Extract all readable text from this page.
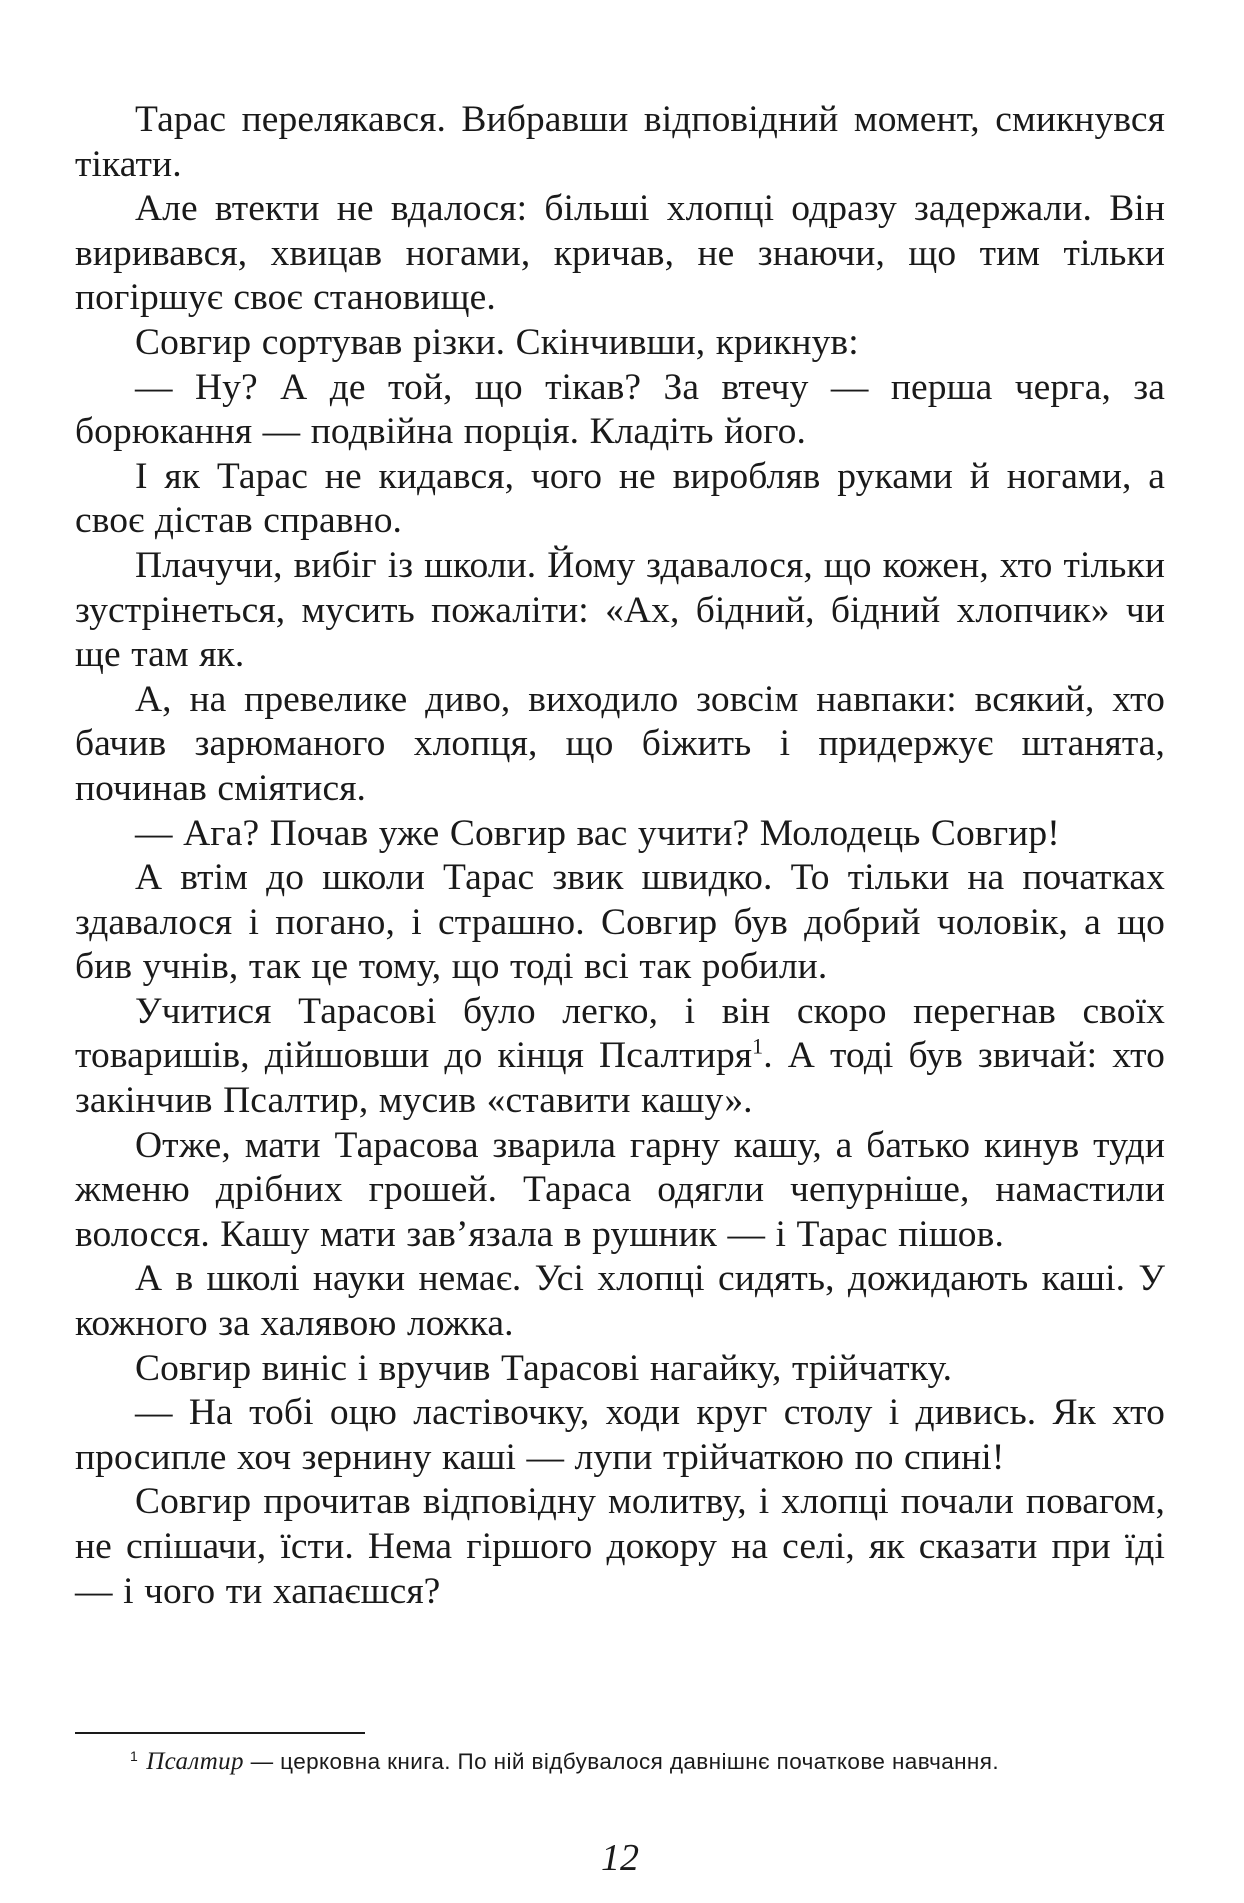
Тарас перелякався. Вибравши відповідний момент, смикнувся тікати.

Але втекти не вдалося: більші хлопці одразу задержали. Він виривався, хвицав ногами, кричав, не знаючи, що тим тільки погіршує своє становище.

Совгир сортував різки. Скінчивши, крикнув:

— Ну? А де той, що тікав? За втечу — перша черга, за борюкання — подвійна порція. Кладіть його.

І як Тарас не кидався, чого не виробляв руками й ногами, а своє дістав справно.

Плачучи, вибіг із школи. Йому здавалося, що кожен, хто тільки зустрінеться, мусить пожаліти: «Ах, бідний, бідний хлопчик» чи ще там як.

А, на превелике диво, виходило зовсім навпаки: всякий, хто бачив зарюманого хлопця, що біжить і придержує штанята, починав сміятися.

— Ага? Почав уже Совгир вас учити? Молодець Совгир!

А втім до школи Тарас звик швидко. То тільки на початках здавалося і погано, і страшно. Совгир був добрий чоловік, а що бив учнів, так це тому, що тоді всі так робили.

Учитися Тарасові було легко, і він скоро перегнав своїх товаришів, дійшовши до кінця Псалтиря$^1$. А тоді був звичай: хто закінчив Псалтир, мусив «ставити кашу».

Отже, мати Тарасова зварила гарну кашу, а батько кинув туди жменю дрібних грошей. Тараса одягли чепурніше, намастили волосся. Кашу мати зав’язала в рушник — і Тарас пішов.

А в школі науки немає. Усі хлопці сидять, дожидають каші. У кожного за халявою ложка.

Совгир виніс і вручив Тарасові нагайку, трійчатку.

— На тобі оцю ластівочку, ходи круг столу і дивись. Як хто просипле хоч зернину каші — лупи трійчаткою по спині!

Совгир прочитав відповідну молитву, і хлопці почали повагом, не спішачи, їсти. Нема гіршого докору на селі, як сказати при їді — і чого ти хапаєшся?

$^1$ Псалтир — церковна книга. По ній відбувалося давнішнє початкове навчання.

12
